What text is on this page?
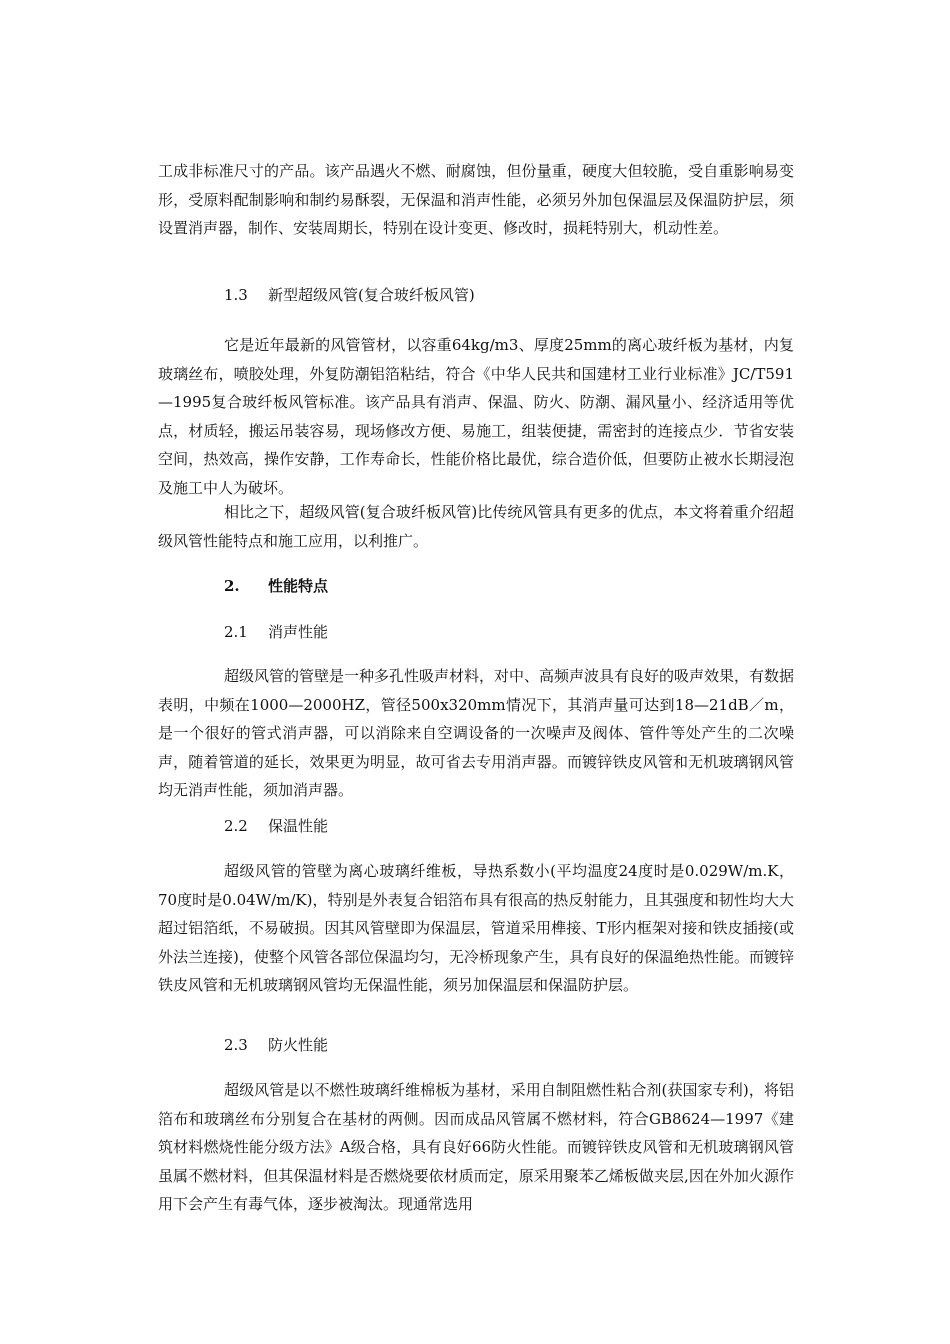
工成非标准尺寸的产品。该产品遇火不燃、耐腐蚀，但份量重，硬度大但较脆，受自重影响易变形，受原料配制影响和制约易酥裂，无保温和消声性能，必须另外加包保温层及保温防护层，须设置消声器，制作、安装周期长，特别在设计变更、修改时，损耗特别大，机动性差。

1.3 新型超级风管(复合玻纤板风管)

它是近年最新的风管管材，以容重64kg/m3、厚度25mm的离心玻纤板为基材，内复玻璃丝布，喷胶处理，外复防潮铝箔粘结，符合《中华人民共和国建材工业行业标准》JC/T591—1995复合玻纤板风管标准。该产品具有消声、保温、防火、防潮、漏风量小、经济适用等优点，材质轻，搬运吊装容易，现场修改方便、易施工，组装便捷，需密封的连接点少．节省安装空间，热效高，操作安静，工作寿命长，性能价格比最优，综合造价低，但要防止被水长期浸泡及施工中人为破坏。

相比之下，超级风管(复合玻纤板风管)比传统风管具有更多的优点，本文将着重介绍超级风管性能特点和施工应用，以利推广。

2. 性能特点

2.1 消声性能

超级风管的管壁是一种多孔性吸声材料，对中、高频声波具有良好的吸声效果，有数据表明，中频在1000—2000HZ，管径500x320mm情况下，其消声量可达到18—21dB／m，是一个很好的管式消声器，可以消除来自空调设备的一次噪声及阀体、管件等处产生的二次噪声，随着管道的延长，效果更为明显，故可省去专用消声器。而镀锌铁皮风管和无机玻璃钢风管均无消声性能，须加消声器。

2.2 保温性能

超级风管的管壁为离心玻璃纤维板，导热系数小(平均温度24度时是0.029W/m.K，70度时是0.04W/m/K)，特别是外表复合铝箔布具有很高的热反射能力，且其强度和韧性均大大超过铝箔纸，不易破损。因其风管壁即为保温层，管道采用榫接、T形内框架对接和铁皮插接(或外法兰连接)，使整个风管各部位保温均匀，无冷桥现象产生，具有良好的保温绝热性能。而镀锌铁皮风管和无机玻璃钢风管均无保温性能，须另加保温层和保温防护层。

2.3 防火性能

超级风管是以不燃性玻璃纤维棉板为基材，采用自制阻燃性粘合剂(获国家专利)，将铝箔布和玻璃丝布分别复合在基材的两侧。因而成品风管属不燃材料，符合GB8624—1997《建筑材料燃烧性能分级方法》A级合格，具有良好66防火性能。而镀锌铁皮风管和无机玻璃钢风管虽属不燃材料，但其保温材料是否燃烧要依材质而定，原采用聚苯乙烯板做夹层,因在外加火源作用下会产生有毒气体，逐步被淘汰。现通常选用
